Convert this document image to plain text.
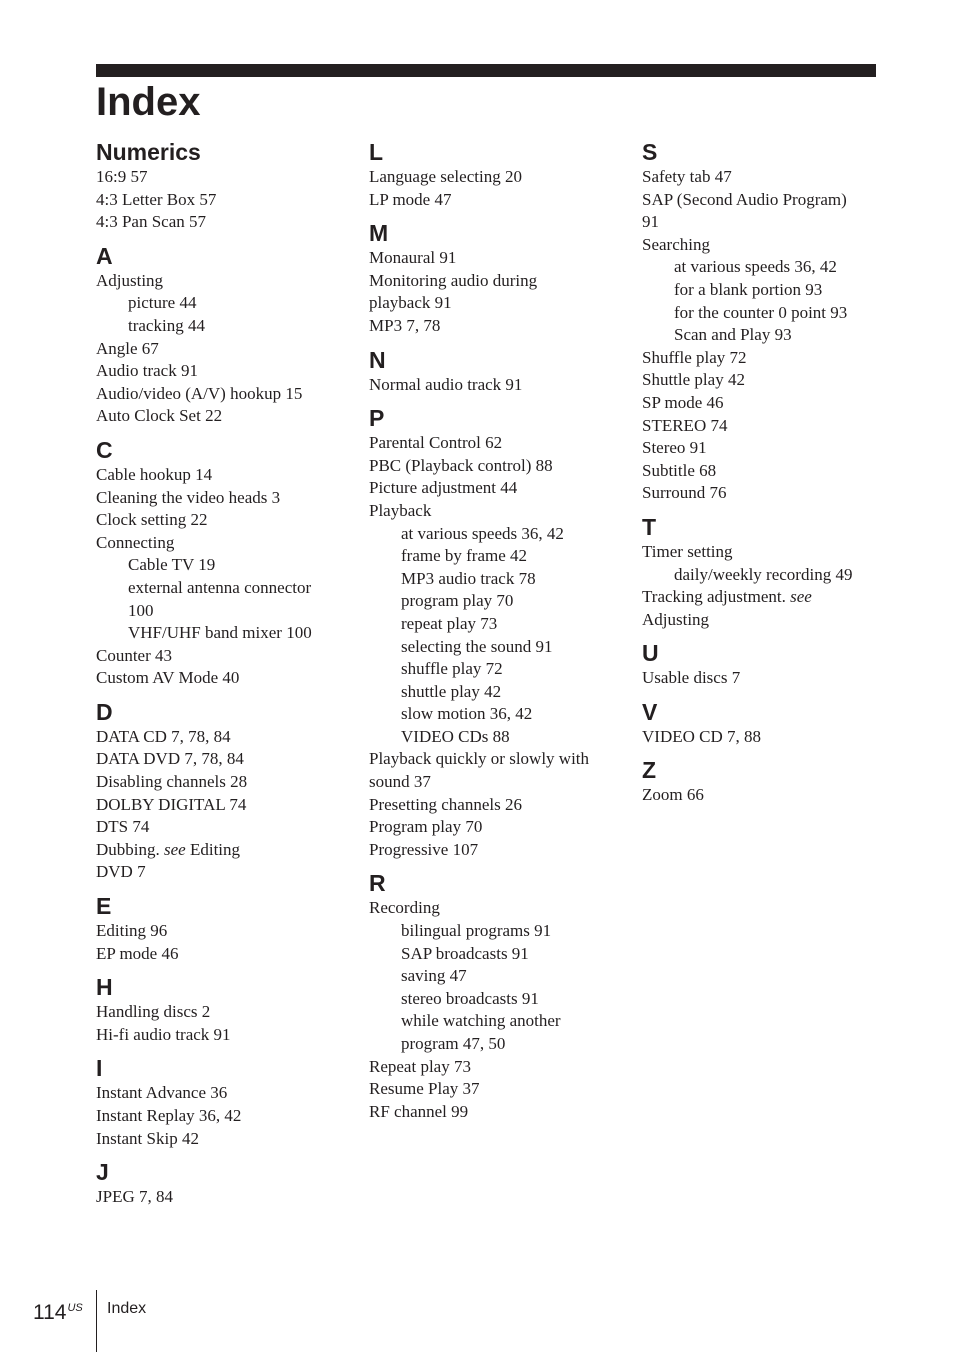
Index
Numerics
16:9 57
4:3 Letter Box 57
4:3 Pan Scan 57
A
Adjusting
picture 44
tracking 44
Angle 67
Audio track 91
Audio/video (A/V) hookup 15
Auto Clock Set 22
C
Cable hookup 14
Cleaning the video heads 3
Clock setting 22
Connecting
Cable TV 19
external antenna connector
100
VHF/UHF band mixer 100
Counter 43
Custom AV Mode 40
D
DATA CD 7, 78, 84
DATA DVD 7, 78, 84
Disabling channels 28
DOLBY DIGITAL 74
DTS 74
Dubbing. see Editing
DVD 7
E
Editing 96
EP mode 46
H
Handling discs 2
Hi-fi audio track 91
I
Instant Advance 36
Instant Replay 36, 42
Instant Skip 42
J
JPEG 7, 84
L
Language selecting 20
LP mode 47
M
Monaural 91
Monitoring audio during
playback 91
MP3 7, 78
N
Normal audio track 91
P
Parental Control 62
PBC (Playback control) 88
Picture adjustment 44
Playback
at various speeds 36, 42
frame by frame 42
MP3 audio track 78
program play 70
repeat play 73
selecting the sound 91
shuffle play 72
shuttle play 42
slow motion 36, 42
VIDEO CDs 88
Playback quickly or slowly with
sound 37
Presetting channels 26
Program play 70
Progressive 107
R
Recording
bilingual programs 91
SAP broadcasts 91
saving 47
stereo broadcasts 91
while watching another
program 47, 50
Repeat play 73
Resume Play 37
RF channel 99
S
Safety tab 47
SAP (Second Audio Program)
91
Searching
at various speeds 36, 42
for a blank portion 93
for the counter 0 point 93
Scan and Play 93
Shuffle play 72
Shuttle play 42
SP mode 46
STEREO 74
Stereo 91
Subtitle 68
Surround 76
T
Timer setting
daily/weekly recording 49
Tracking adjustment. see
Adjusting
U
Usable discs 7
V
VIDEO CD 7, 88
Z
Zoom 66
$114^{US}$ Index
